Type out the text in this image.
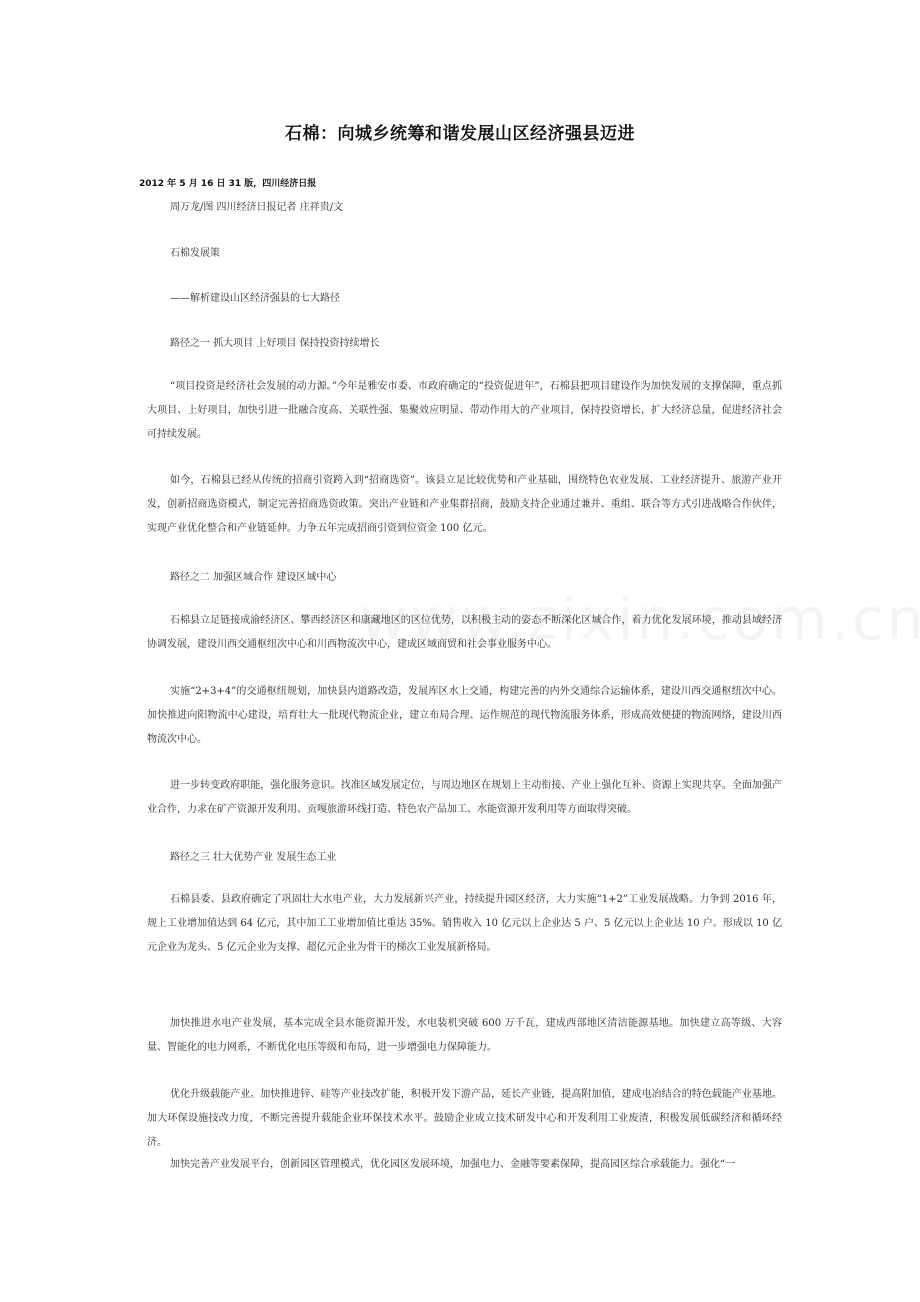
石棉：向城乡统筹和谐发展山区经济强县迈进
2012 年 5 月 16 日 31 版，四川经济日报
周万龙/图 四川经济日报记者 庄祥贵/文
石棉发展策
——解析建设山区经济强县的七大路径
路径之一 抓大项目 上好项目 保持投资持续增长

“项目投资是经济社会发展的动力源。”今年是雅安市委、市政府确定的“投资促进年”，石棉县把项目建设作为加快发展的支撑保障，重点抓大项目、上好项目，加快引进一批融合度高、关联性强、集聚效应明显、带动作用大的产业项目，保持投资增长，扩大经济总量，促进经济社会可持续发展。

如今，石棉县已经从传统的招商引资跨入到“招商选资”。该县立足比较优势和产业基础，围绕特色农业发展、工业经济提升、旅游产业开发，创新招商选资模式，制定完善招商选资政策。突出产业链和产业集群招商，鼓励支持企业通过兼并、重组、联合等方式引进战略合作伙伴，实现产业优化整合和产业链延伸。力争五年完成招商引资到位资金 100 亿元。

路径之二 加强区域合作 建设区域中心

石棉县立足链接成渝经济区、攀西经济区和康藏地区的区位优势，以积极主动的姿态不断深化区域合作，着力优化发展环境，推动县域经济协调发展，建设川西交通枢纽次中心和川西物流次中心，建成区域商贸和社会事业服务中心。

实施“2+3+4”的交通枢纽规划，加快县内道路改造，发展库区水上交通，构建完善的内外交通综合运输体系，建设川西交通枢纽次中心。加快推进向阳物流中心建设，培育壮大一批现代物流企业，建立布局合理、运作规范的现代物流服务体系，形成高效便捷的物流网络，建设川西物流次中心。

进一步转变政府职能，强化服务意识。找准区域发展定位，与周边地区在规划上主动衔接、产业上强化互补、资源上实现共享。全面加强产业合作，力求在矿产资源开发利用、贡嘎旅游环线打造、特色农产品加工、水能资源开发利用等方面取得突破。

路径之三 壮大优势产业 发展生态工业

石棉县委、县政府确定了巩固壮大水电产业，大力发展新兴产业，持续提升园区经济，大力实施“1+2”工业发展战略。力争到 2016 年，规上工业增加值达到 64 亿元，其中加工工业增加值比重达 35%。销售收入 10 亿元以上企业达 5 户、5 亿元以上企业达 10 户。形成以 10 亿元企业为龙头、5 亿元企业为支撑、超亿元企业为骨干的梯次工业发展新格局。

加快推进水电产业发展，基本完成全县水能资源开发，水电装机突破 600 万千瓦，建成西部地区清洁能源基地。加快建立高等级、大容量、智能化的电力网系，不断优化电压等级和布局，进一步增强电力保障能力。

优化升级载能产业。加快推进锌、硅等产业技改扩能，积极开发下游产品，延长产业链，提高附加值，建成电冶结合的特色载能产业基地。加大环保设施技改力度，不断完善提升载能企业环保技术水平。鼓励企业成立技术研发中心和开发利用工业废渣，积极发展低碳经济和循环经济。

加快完善产业发展平台，创新园区管理模式，优化园区发展环境，加强电力、金融等要素保障，提高园区综合承载能力。强化“一
